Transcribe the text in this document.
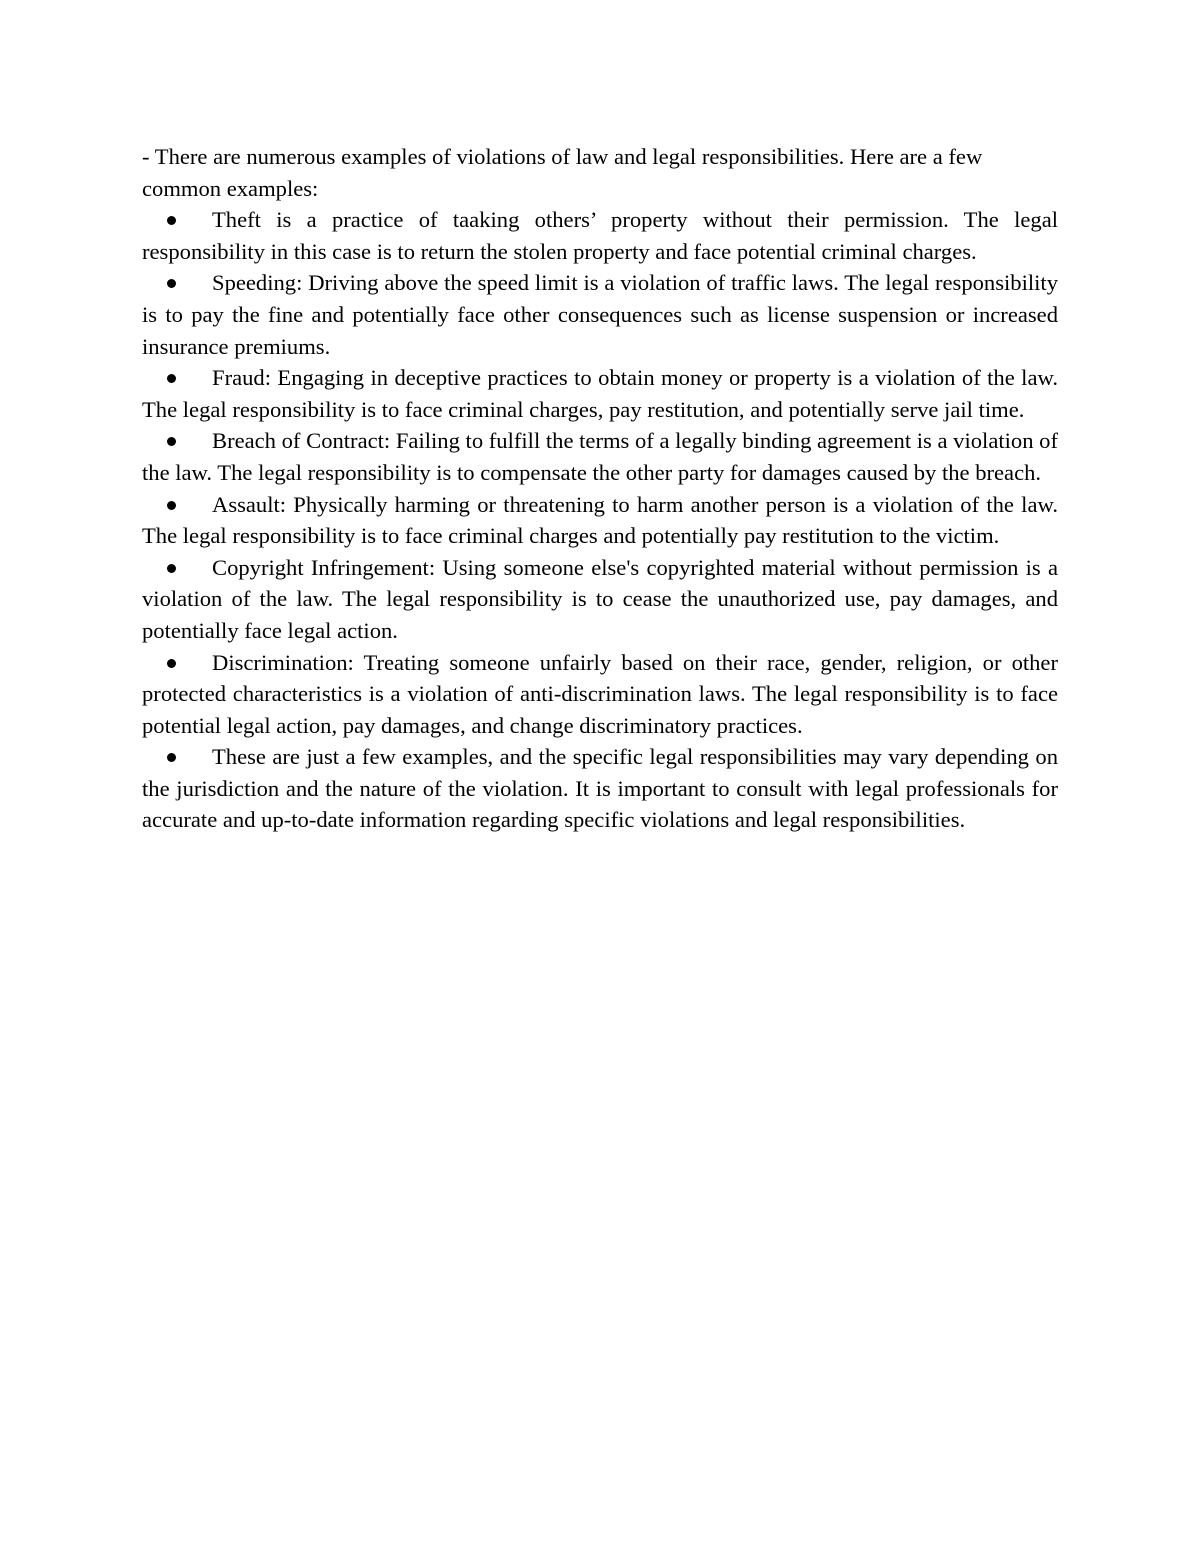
- There are numerous examples of violations of law and legal responsibilities. Here are a few common examples:

Theft is a practice of taaking others’ property without their permission. The legal responsibility in this case is to return the stolen property and face potential criminal charges.
Speeding: Driving above the speed limit is a violation of traffic laws. The legal responsibility is to pay the fine and potentially face other consequences such as license suspension or increased insurance premiums.
Fraud: Engaging in deceptive practices to obtain money or property is a violation of the law. The legal responsibility is to face criminal charges, pay restitution, and potentially serve jail time.
Breach of Contract: Failing to fulfill the terms of a legally binding agreement is a violation of the law. The legal responsibility is to compensate the other party for damages caused by the breach.
Assault: Physically harming or threatening to harm another person is a violation of the law. The legal responsibility is to face criminal charges and potentially pay restitution to the victim.
Copyright Infringement: Using someone else's copyrighted material without permission is a violation of the law. The legal responsibility is to cease the unauthorized use, pay damages, and potentially face legal action.
Discrimination: Treating someone unfairly based on their race, gender, religion, or other protected characteristics is a violation of anti-discrimination laws. The legal responsibility is to face potential legal action, pay damages, and change discriminatory practices.
These are just a few examples, and the specific legal responsibilities may vary depending on the jurisdiction and the nature of the violation. It is important to consult with legal professionals for accurate and up-to-date information regarding specific violations and legal responsibilities.
